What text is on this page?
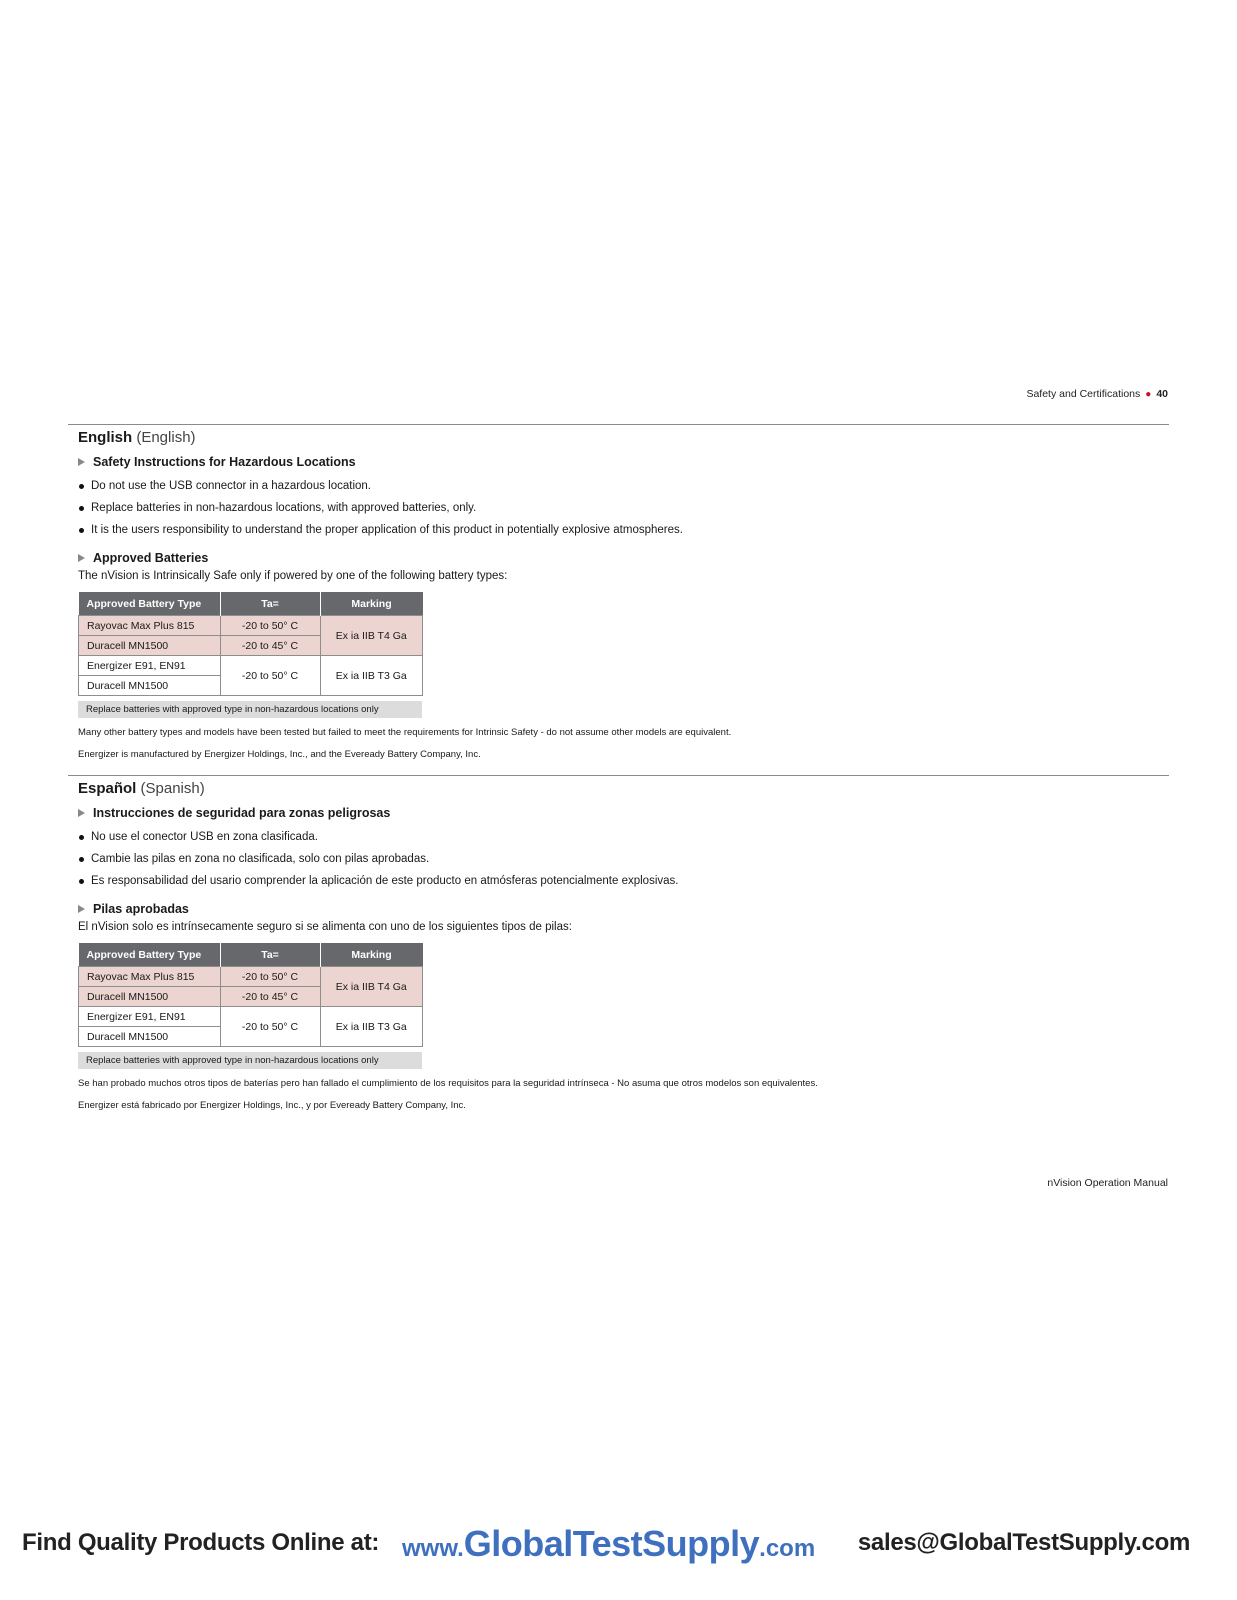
Safety and Certifications ● 40
English (English)
Safety Instructions for Hazardous Locations
Do not use the USB connector in a hazardous location.
Replace batteries in non-hazardous locations, with approved batteries, only.
It is the users responsibility to understand the proper application of this product in potentially explosive atmospheres.
Approved Batteries
The nVision is Intrinsically Safe only if powered by one of the following battery types:
Approved Battery Type	Ta=	Marking
Rayovac Max Plus 815	-20 to 50° C	Ex ia IIB T4 Ga
Duracell MN1500	-20 to 45° C	
Energizer E91, EN91	-20 to 50° C	Ex ia IIB T3 Ga
Duracell MN1500		
Replace batteries with approved type in non-hazardous locations only
Many other battery types and models have been tested but failed to meet the requirements for Intrinsic Safety - do not assume other models are equivalent.
Energizer is manufactured by Energizer Holdings, Inc., and the Eveready Battery Company, Inc.
Español (Spanish)
Instrucciones de seguridad para zonas peligrosas
No use el conector USB en zona clasificada.
Cambie las pilas en zona no clasificada, solo con pilas aprobadas.
Es responsabilidad del usario comprender la aplicación de este producto en atmósferas potencialmente explosivas.
Pilas aprobadas
El nVision solo es intrínsecamente seguro si se alimenta con uno de los siguientes tipos de pilas:
Approved Battery Type	Ta=	Marking
Rayovac Max Plus 815	-20 to 50° C	Ex ia IIB T4 Ga
Duracell MN1500	-20 to 45° C	
Energizer E91, EN91	-20 to 50° C	Ex ia IIB T3 Ga
Duracell MN1500		
Replace batteries with approved type in non-hazardous locations only
Se han probado muchos otros tipos de baterías pero han fallado el cumplimiento de los requisitos para la seguridad intrínseca - No asuma que otros modelos son equivalentes.
Energizer está fabricado por Energizer Holdings, Inc., y por Eveready Battery Company, Inc.
nVision Operation Manual
Find Quality Products Online at: www.GlobalTestSupply.com sales@GlobalTestSupply.com
